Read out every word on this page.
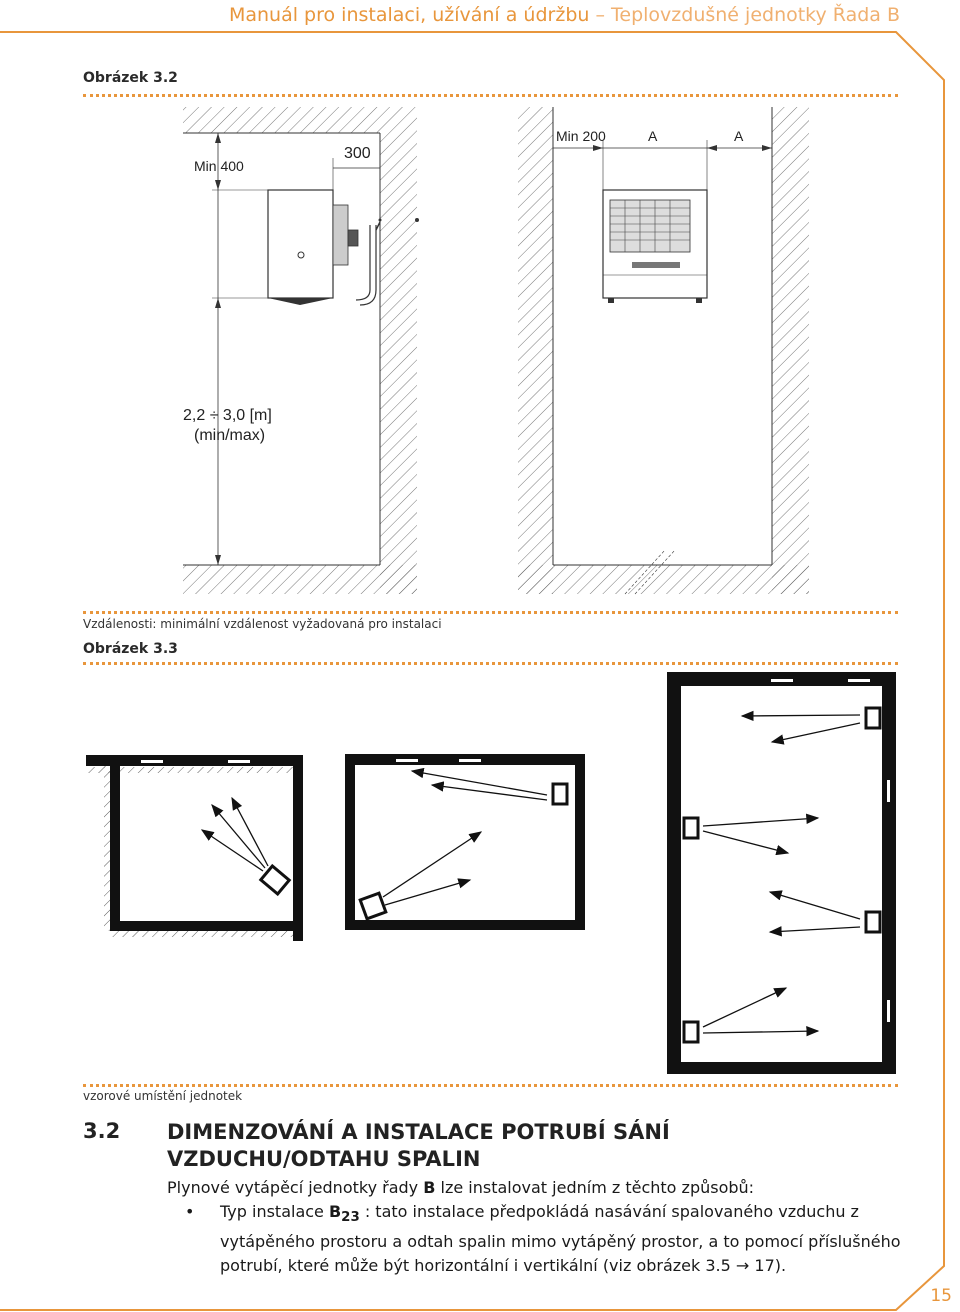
Manuál pro instalaci, užívání a údržbu – Teplovzdušné jednotky Řada B
Obrázek 3.2
Min 400
300
2,2 ÷ 3,0 [m]
(min/max)
Min 200	A	A
Vzdálenosti: minimální vzdálenost vyžadovaná pro instalaci
Obrázek 3.3
vzorové umístění jednotek
3.2 DIMENZOVÁNÍ A INSTALACE POTRUBÍ SÁNÍ VZDUCHU/ODTAHU SPALIN
Plynové vytápěcí jednotky řady B lze instalovat jedním z těchto způsobů:
• Typ instalace $B_{23}$ : tato instalace předpokládá nasávání spalovaného vzduchu z vytápěného prostoru a odtah spalin mimo vytápěný prostor, a to pomocí příslušného potrubí, které může být horizontální i vertikální (viz obrázek 3.5 → 17).
15
